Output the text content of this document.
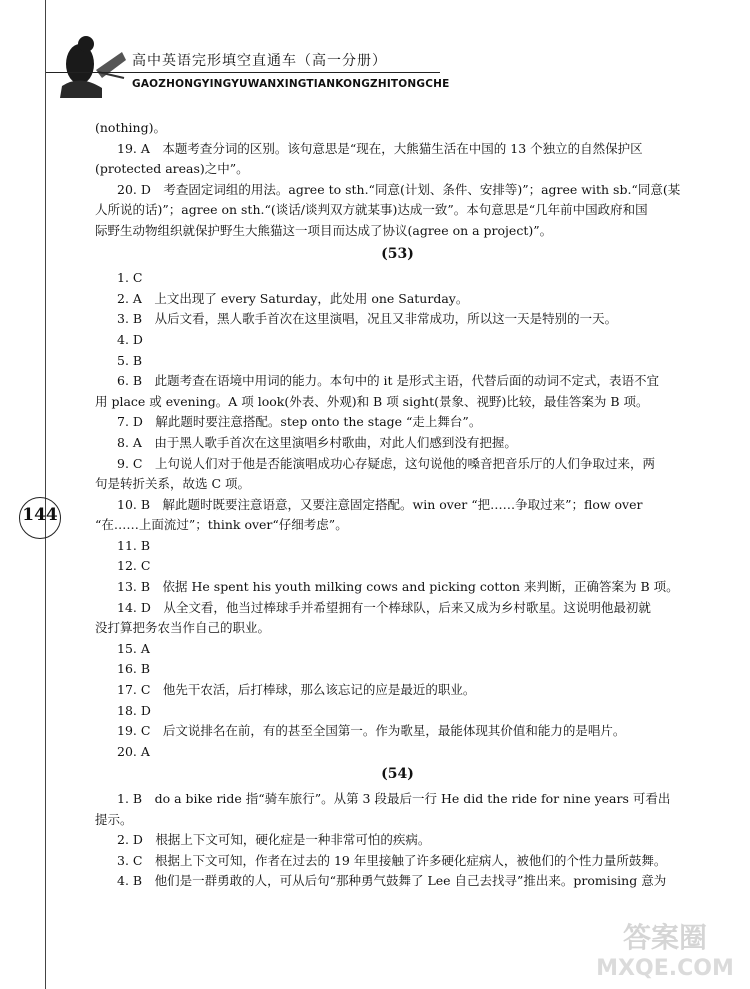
高中英语完形填空直通车（高一分册）
GAOZHONGYINGYUWANXINGTIANKONGZHITONGCHE
144

(nothing)。

19. A　本题考查分词的区别。该句意思是“现在，大熊猫生活在中国的 13 个独立的自然保护区

(protected areas)之中”。

20. D　考查固定词组的用法。agree to sth.“同意(计划、条件、安排等)”；agree with sb.“同意(某

人所说的话)”；agree on sth.“(谈话/谈判双方就某事)达成一致”。本句意思是“几年前中国政府和国

际野生动物组织就保护野生大熊猫这一项目而达成了协议(agree on a project)”。

(53)

1. C

2. A　上文出现了 every Saturday，此处用 one Saturday。

3. B　从后文看，黑人歌手首次在这里演唱，况且又非常成功，所以这一天是特别的一天。

4. D

5. B

6. B　此题考查在语境中用词的能力。本句中的 it 是形式主语，代替后面的动词不定式，表语不宜

用 place 或 evening。A 项 look(外表、外观)和 B 项 sight(景象、视野)比较，最佳答案为 B 项。

7. D　解此题时要注意搭配。step onto the stage “走上舞台”。

8. A　由于黑人歌手首次在这里演唱乡村歌曲，对此人们感到没有把握。

9. C　上句说人们对于他是否能演唱成功心存疑虑，这句说他的嗓音把音乐厅的人们争取过来，两

句是转折关系，故选 C 项。

10. B　解此题时既要注意语意，又要注意固定搭配。win over “把……争取过来”；flow over

“在……上面流过”；think over“仔细考虑”。

11. B

12. C

13. B　依据 He spent his youth milking cows and picking cotton 来判断，正确答案为 B 项。

14. D　从全文看，他当过棒球手并希望拥有一个棒球队，后来又成为乡村歌星。这说明他最初就

没打算把务农当作自己的职业。

15. A

16. B

17. C　他先干农活，后打棒球，那么该忘记的应是最近的职业。

18. D

19. C　后文说排名在前，有的甚至全国第一。作为歌星，最能体现其价值和能力的是唱片。

20. A

(54)

1. B　do a bike ride 指“骑车旅行”。从第 3 段最后一行 He did the ride for nine years 可看出

提示。

2. D　根据上下文可知，硬化症是一种非常可怕的疾病。

3. C　根据上下文可知，作者在过去的 19 年里接触了许多硬化症病人，被他们的个性力量所鼓舞。

4. B　他们是一群勇敢的人，可从后句“那种勇气鼓舞了 Lee 自己去找寻”推出来。promising 意为

答案圈
MXQE.COM
